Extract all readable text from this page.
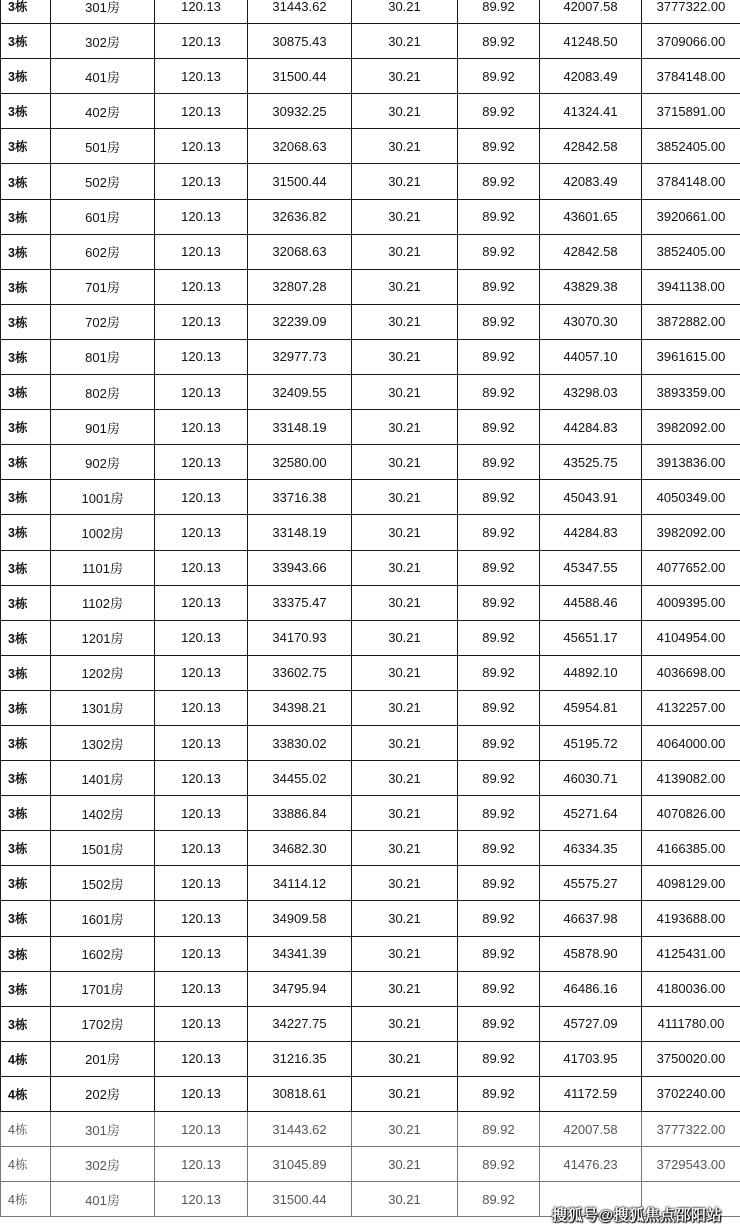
3栋	301房	120.13	31443.62	30.21	89.92	42007.58	3777322.00
3栋	302房	120.13	30875.43	30.21	89.92	41248.50	3709066.00
3栋	401房	120.13	31500.44	30.21	89.92	42083.49	3784148.00
3栋	402房	120.13	30932.25	30.21	89.92	41324.41	3715891.00
3栋	501房	120.13	32068.63	30.21	89.92	42842.58	3852405.00
3栋	502房	120.13	31500.44	30.21	89.92	42083.49	3784148.00
3栋	601房	120.13	32636.82	30.21	89.92	43601.65	3920661.00
3栋	602房	120.13	32068.63	30.21	89.92	42842.58	3852405.00
3栋	701房	120.13	32807.28	30.21	89.92	43829.38	3941138.00
3栋	702房	120.13	32239.09	30.21	89.92	43070.30	3872882.00
3栋	801房	120.13	32977.73	30.21	89.92	44057.10	3961615.00
3栋	802房	120.13	32409.55	30.21	89.92	43298.03	3893359.00
3栋	901房	120.13	33148.19	30.21	89.92	44284.83	3982092.00
3栋	902房	120.13	32580.00	30.21	89.92	43525.75	3913836.00
3栋	1001房	120.13	33716.38	30.21	89.92	45043.91	4050349.00
3栋	1002房	120.13	33148.19	30.21	89.92	44284.83	3982092.00
3栋	1101房	120.13	33943.66	30.21	89.92	45347.55	4077652.00
3栋	1102房	120.13	33375.47	30.21	89.92	44588.46	4009395.00
3栋	1201房	120.13	34170.93	30.21	89.92	45651.17	4104954.00
3栋	1202房	120.13	33602.75	30.21	89.92	44892.10	4036698.00
3栋	1301房	120.13	34398.21	30.21	89.92	45954.81	4132257.00
3栋	1302房	120.13	33830.02	30.21	89.92	45195.72	4064000.00
3栋	1401房	120.13	34455.02	30.21	89.92	46030.71	4139082.00
3栋	1402房	120.13	33886.84	30.21	89.92	45271.64	4070826.00
3栋	1501房	120.13	34682.30	30.21	89.92	46334.35	4166385.00
3栋	1502房	120.13	34114.12	30.21	89.92	45575.27	4098129.00
3栋	1601房	120.13	34909.58	30.21	89.92	46637.98	4193688.00
3栋	1602房	120.13	34341.39	30.21	89.92	45878.90	4125431.00
3栋	1701房	120.13	34795.94	30.21	89.92	46486.16	4180036.00
3栋	1702房	120.13	34227.75	30.21	89.92	45727.09	4111780.00
4栋	201房	120.13	31216.35	30.21	89.92	41703.95	3750020.00
4栋	202房	120.13	30818.61	30.21	89.92	41172.59	3702240.00
4栋	301房	120.13	31443.62	30.21	89.92	42007.58	3777322.00
4栋	302房	120.13	31045.89	30.21	89.92	41476.23	3729543.00
4栋	401房	120.13	31500.44	30.21	89.92		
搜狐号@搜狐焦点邵阳站
